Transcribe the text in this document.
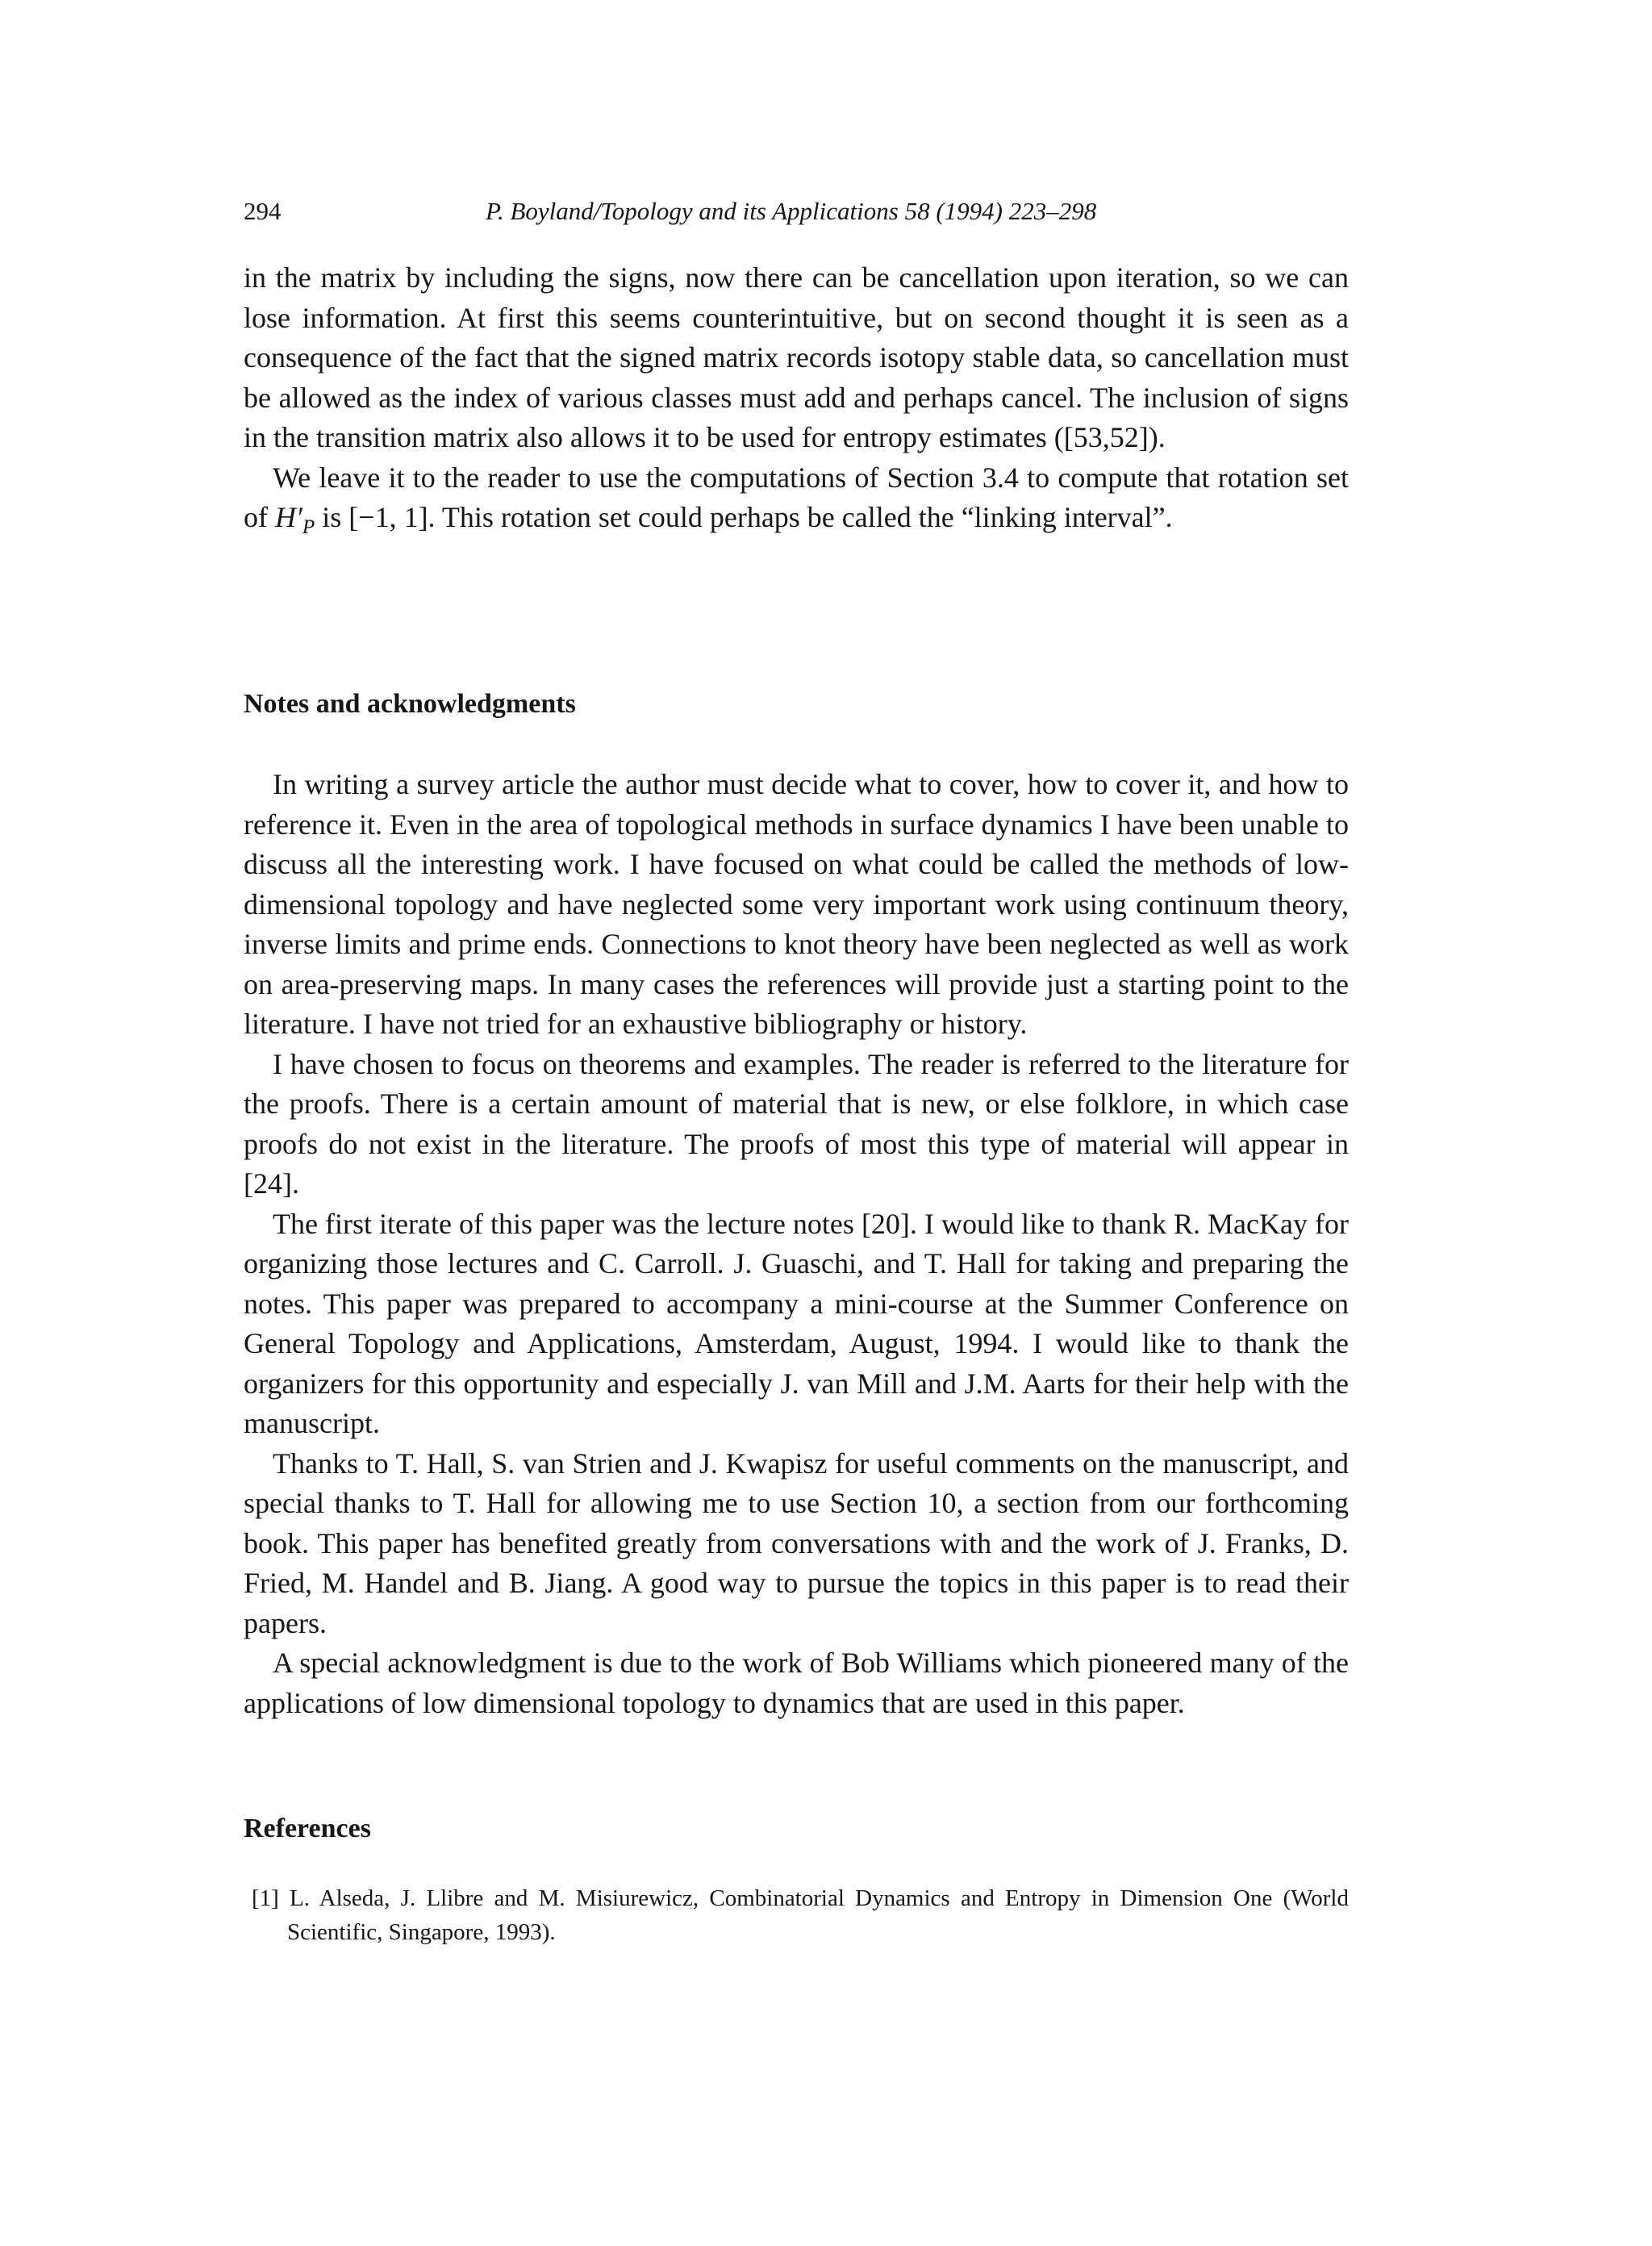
294	P. Boyland/Topology and its Applications 58 (1994) 223–298

in the matrix by including the signs, now there can be cancellation upon iteration, so we can lose information. At first this seems counterintuitive, but on second thought it is seen as a consequence of the fact that the signed matrix records isotopy stable data, so cancellation must be allowed as the index of various classes must add and perhaps cancel. The inclusion of signs in the transition matrix also allows it to be used for entropy estimates ([53,52]).

We leave it to the reader to use the computations of Section 3.4 to compute that rotation set of $H'_P$ is [−1, 1]. This rotation set could perhaps be called the “linking interval”.

Notes and acknowledgments

In writing a survey article the author must decide what to cover, how to cover it, and how to reference it. Even in the area of topological methods in surface dynamics I have been unable to discuss all the interesting work. I have focused on what could be called the methods of low-dimensional topology and have neglected some very important work using continuum theory, inverse limits and prime ends. Connections to knot theory have been neglected as well as work on area-preserving maps. In many cases the references will provide just a starting point to the literature. I have not tried for an exhaustive bibliography or history.

I have chosen to focus on theorems and examples. The reader is referred to the literature for the proofs. There is a certain amount of material that is new, or else folklore, in which case proofs do not exist in the literature. The proofs of most this type of material will appear in [24].

The first iterate of this paper was the lecture notes [20]. I would like to thank R. MacKay for organizing those lectures and C. Carroll. J. Guaschi, and T. Hall for taking and preparing the notes. This paper was prepared to accompany a mini-course at the Summer Conference on General Topology and Applications, Amsterdam, August, 1994. I would like to thank the organizers for this opportunity and especially J. van Mill and J.M. Aarts for their help with the manuscript.

Thanks to T. Hall, S. van Strien and J. Kwapisz for useful comments on the manuscript, and special thanks to T. Hall for allowing me to use Section 10, a section from our forthcoming book. This paper has benefited greatly from conversations with and the work of J. Franks, D. Fried, M. Handel and B. Jiang. A good way to pursue the topics in this paper is to read their papers.

A special acknowledgment is due to the work of Bob Williams which pioneered many of the applications of low dimensional topology to dynamics that are used in this paper.

References

[1] L. Alseda, J. Llibre and M. Misiurewicz, Combinatorial Dynamics and Entropy in Dimension One (World Scientific, Singapore, 1993).
